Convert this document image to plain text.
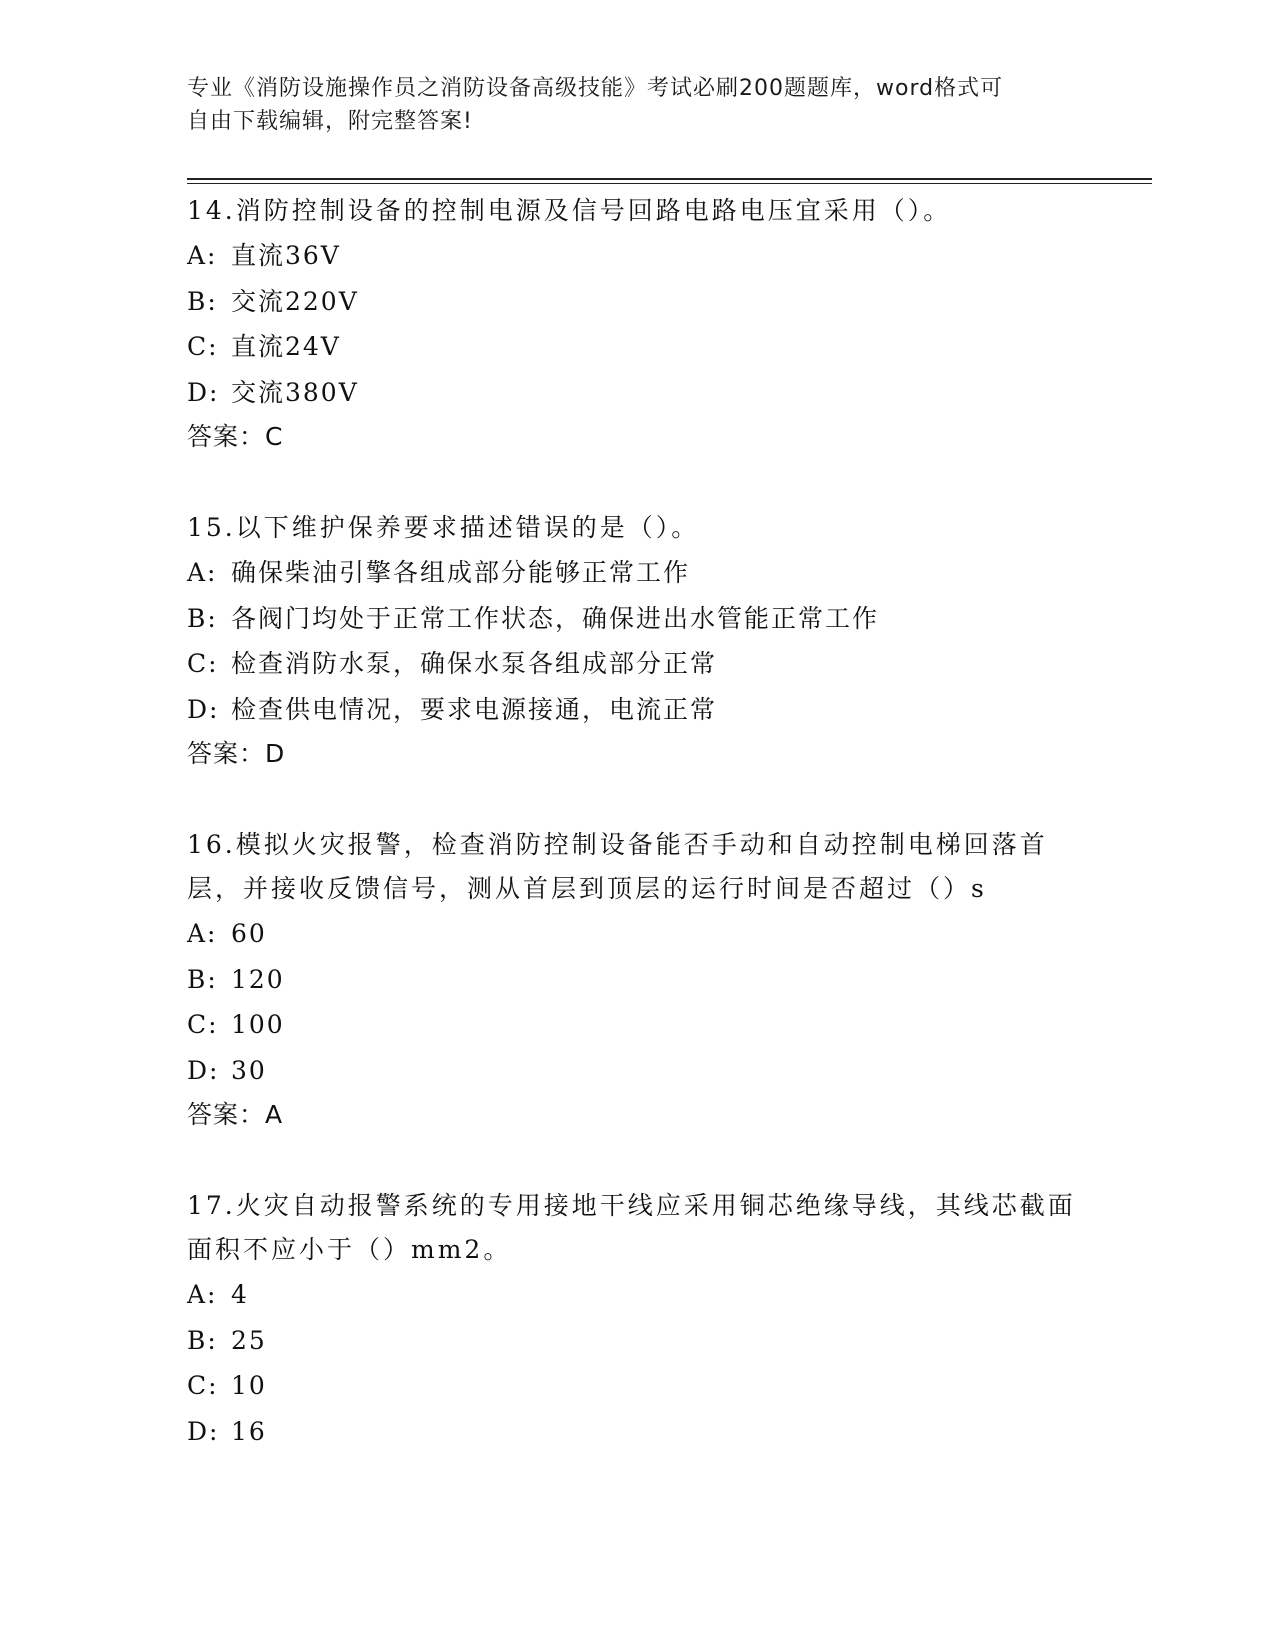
专业《消防设施操作员之消防设备高级技能》考试必刷200题题库，word格式可
自由下载编辑，附完整答案!
14.消防控制设备的控制电源及信号回路电路电压宜采用（）。
A: 直流36V
B: 交流220V
C: 直流24V
D: 交流380V
答案：C
15.以下维护保养要求描述错误的是（）。
A: 确保柴油引擎各组成部分能够正常工作
B: 各阀门均处于正常工作状态，确保进出水管能正常工作
C: 检查消防水泵，确保水泵各组成部分正常
D: 检查供电情况，要求电源接通，电流正常
答案：D
16.模拟火灾报警，检查消防控制设备能否手动和自动控制电梯回落首层，并接收反馈信号，测从首层到顶层的运行时间是否超过（）s
A: 60
B: 120
C: 100
D: 30
答案：A
17.火灾自动报警系统的专用接地干线应采用铜芯绝缘导线，其线芯截面面积不应小于（）mm2。
A: 4
B: 25
C: 10
D: 16
